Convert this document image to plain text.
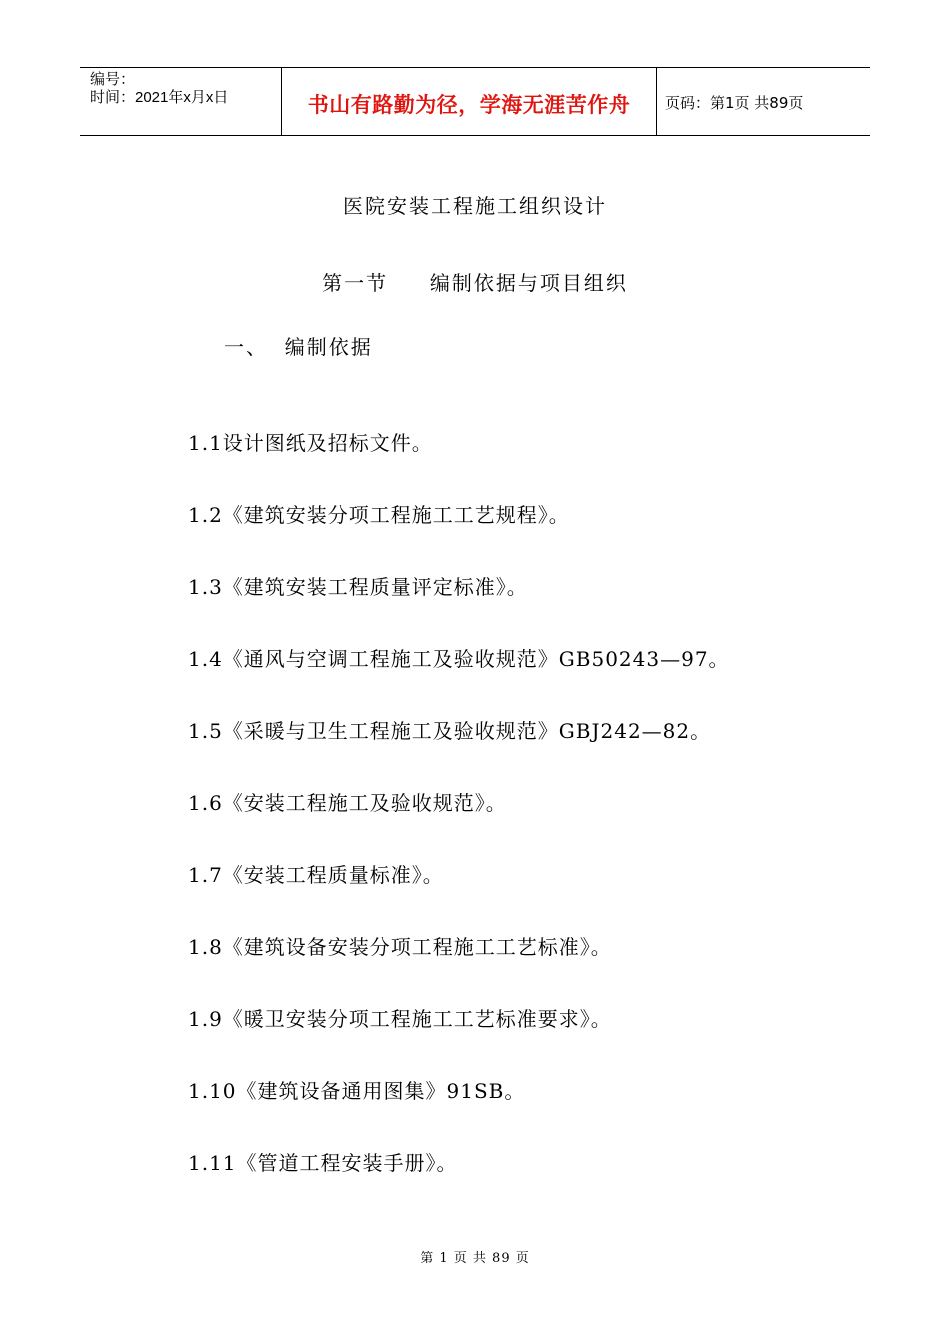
编号：
时间：2021年x月x日	书山有路勤为径，学海无涯苦作舟	页码：第1页 共89页
医院安装工程施工组织设计
第一节     编制依据与项目组织
一、  编制依据
1.1设计图纸及招标文件。
1.2《建筑安装分项工程施工工艺规程》。
1.3《建筑安装工程质量评定标准》。
1.4《通风与空调工程施工及验收规范》GB50243—97。
1.5《采暖与卫生工程施工及验收规范》GBJ242—82。
1.6《安装工程施工及验收规范》。
1.7《安装工程质量标准》。
1.8《建筑设备安装分项工程施工工艺标准》。
1.9《暖卫安装分项工程施工工艺标准要求》。
1.10《建筑设备通用图集》91SB。
1.11《管道工程安装手册》。
第 1 页 共 89 页
